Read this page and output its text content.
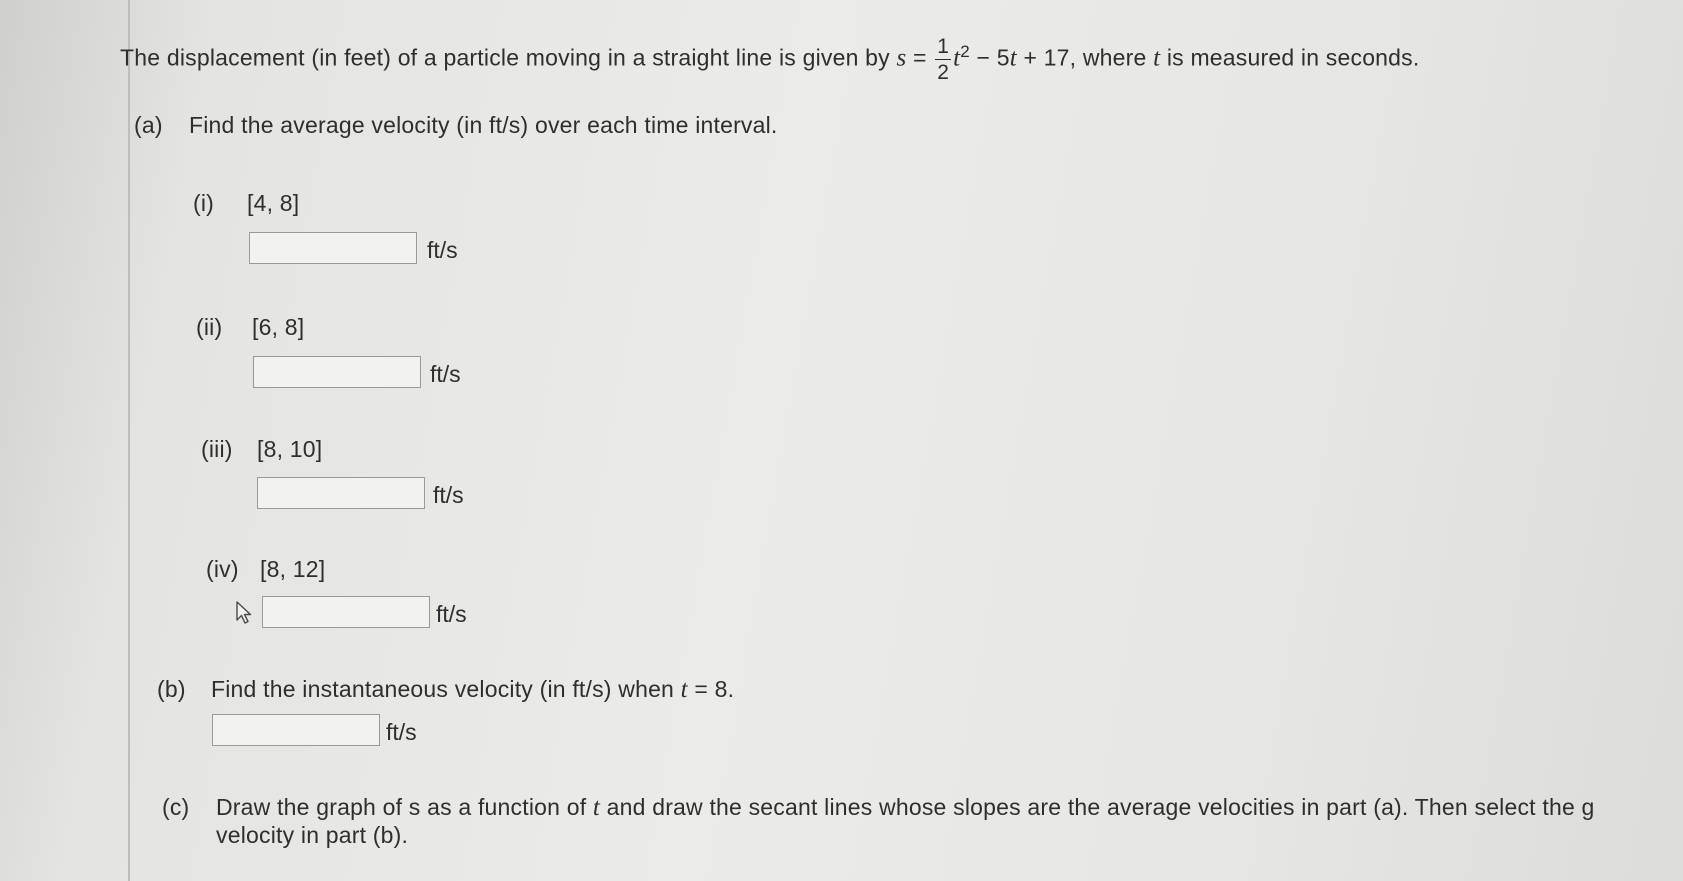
The displacement (in feet) of a particle moving in a straight line is given by $s = \frac{1}{2} t^2 - 5t + 17$, where t is measured in seconds.
(a) Find the average velocity (in ft/s) over each time interval.
(i) [4, 8]
ft/s
(ii) [6, 8]
ft/s
(iii) [8, 10]
ft/s
(iv) [8, 12]
ft/s
(b) Find the instantaneous velocity (in ft/s) when t = 8.
ft/s
(c) Draw the graph of s as a function of t and draw the secant lines whose slopes are the average velocities in part (a). Then select the g
velocity in part (b).
